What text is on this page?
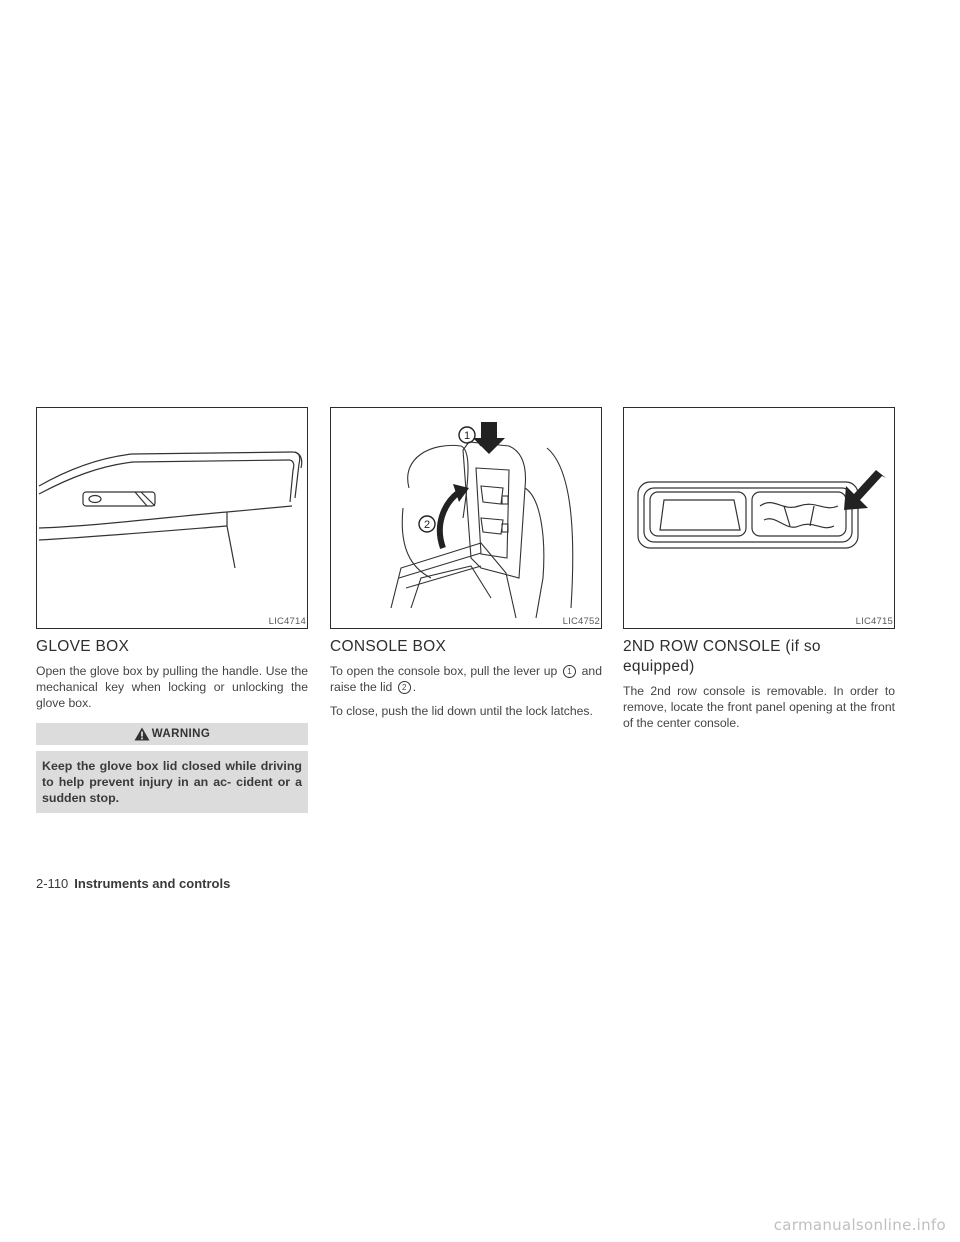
LIC4714
GLOVE BOX

Open the glove box by pulling the handle. Use the mechanical key when locking or unlocking the glove box.

WARNING
Keep the glove box lid closed while driving to help prevent injury in an ac- cident or a sudden stop.
1
2
LIC4752
CONSOLE BOX

To open the console box, pull the lever up 1 and raise the lid 2 .

To close, push the lid down until the lock latches.

LIC4715
2ND ROW CONSOLE (if so equipped)

The 2nd row console is removable. In order to remove, locate the front panel opening at the front of the center console.

2-110 Instruments and controls
carmanualsonline.info
